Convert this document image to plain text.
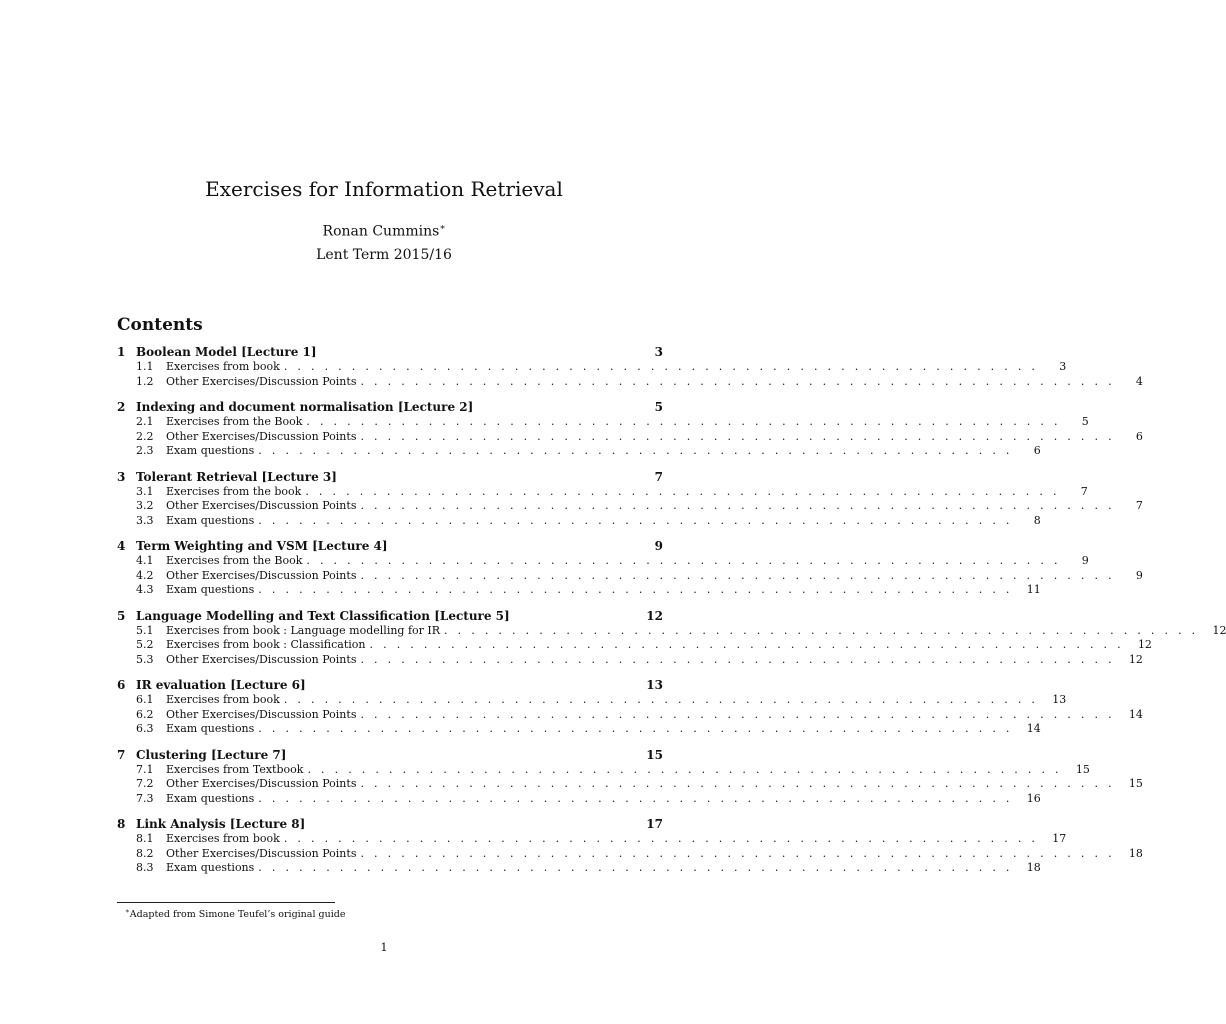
Exercises for Information Retrieval
Ronan Cummins∗
Lent Term 2015/16
Contents
1 Boolean Model [Lecture 1]	3
1.1	Exercises from book . . . . . . . . . . . . . . . . . . . . . . . . . . . . . . . . . . . . . . . . . . . . . . . . . . . . . . . .	3
1.2	Other Exercises/Discussion Points . . . . . . . . . . . . . . . . . . . . . . . . . . . . . . . . . . . . . . . . . . . . . . . . . . . . . . . .	4
2 Indexing and document normalisation [Lecture 2]	5
2.1	Exercises from the Book . . . . . . . . . . . . . . . . . . . . . . . . . . . . . . . . . . . . . . . . . . . . . . . . . . . . . . . .	5
2.2	Other Exercises/Discussion Points . . . . . . . . . . . . . . . . . . . . . . . . . . . . . . . . . . . . . . . . . . . . . . . . . . . . . . . .	6
2.3	Exam questions . . . . . . . . . . . . . . . . . . . . . . . . . . . . . . . . . . . . . . . . . . . . . . . . . . . . . . . .	6
3 Tolerant Retrieval [Lecture 3]	7
3.1	Exercises from the book . . . . . . . . . . . . . . . . . . . . . . . . . . . . . . . . . . . . . . . . . . . . . . . . . . . . . . . .	7
3.2	Other Exercises/Discussion Points . . . . . . . . . . . . . . . . . . . . . . . . . . . . . . . . . . . . . . . . . . . . . . . . . . . . . . . .	7
3.3	Exam questions . . . . . . . . . . . . . . . . . . . . . . . . . . . . . . . . . . . . . . . . . . . . . . . . . . . . . . . .	8
4 Term Weighting and VSM [Lecture 4]	9
4.1	Exercises from the Book . . . . . . . . . . . . . . . . . . . . . . . . . . . . . . . . . . . . . . . . . . . . . . . . . . . . . . . .	9
4.2	Other Exercises/Discussion Points . . . . . . . . . . . . . . . . . . . . . . . . . . . . . . . . . . . . . . . . . . . . . . . . . . . . . . . .	9
4.3	Exam questions . . . . . . . . . . . . . . . . . . . . . . . . . . . . . . . . . . . . . . . . . . . . . . . . . . . . . . . .	11
5 Language Modelling and Text Classification [Lecture 5]	12
5.1	Exercises from book : Language modelling for IR . . . . . . . . . . . . . . . . . . . . . . . . . . . . . . . . . . . . . . . . . . . . . . . . . . . . . . . .	12
5.2	Exercises from book : Classification . . . . . . . . . . . . . . . . . . . . . . . . . . . . . . . . . . . . . . . . . . . . . . . . . . . . . . . .	12
5.3	Other Exercises/Discussion Points . . . . . . . . . . . . . . . . . . . . . . . . . . . . . . . . . . . . . . . . . . . . . . . . . . . . . . . .	12
6 IR evaluation [Lecture 6]	13
6.1	Exercises from book . . . . . . . . . . . . . . . . . . . . . . . . . . . . . . . . . . . . . . . . . . . . . . . . . . . . . . . .	13
6.2	Other Exercises/Discussion Points . . . . . . . . . . . . . . . . . . . . . . . . . . . . . . . . . . . . . . . . . . . . . . . . . . . . . . . .	14
6.3	Exam questions . . . . . . . . . . . . . . . . . . . . . . . . . . . . . . . . . . . . . . . . . . . . . . . . . . . . . . . .	14
7 Clustering [Lecture 7]	15
7.1	Exercises from Textbook . . . . . . . . . . . . . . . . . . . . . . . . . . . . . . . . . . . . . . . . . . . . . . . . . . . . . . . .	15
7.2	Other Exercises/Discussion Points . . . . . . . . . . . . . . . . . . . . . . . . . . . . . . . . . . . . . . . . . . . . . . . . . . . . . . . .	15
7.3	Exam questions . . . . . . . . . . . . . . . . . . . . . . . . . . . . . . . . . . . . . . . . . . . . . . . . . . . . . . . .	16
8 Link Analysis [Lecture 8]	17
8.1	Exercises from book . . . . . . . . . . . . . . . . . . . . . . . . . . . . . . . . . . . . . . . . . . . . . . . . . . . . . . . .	17
8.2	Other Exercises/Discussion Points . . . . . . . . . . . . . . . . . . . . . . . . . . . . . . . . . . . . . . . . . . . . . . . . . . . . . . . .	18
8.3	Exam questions . . . . . . . . . . . . . . . . . . . . . . . . . . . . . . . . . . . . . . . . . . . . . . . . . . . . . . . .	18
∗Adapted from Simone Teufel’s original guide
1
